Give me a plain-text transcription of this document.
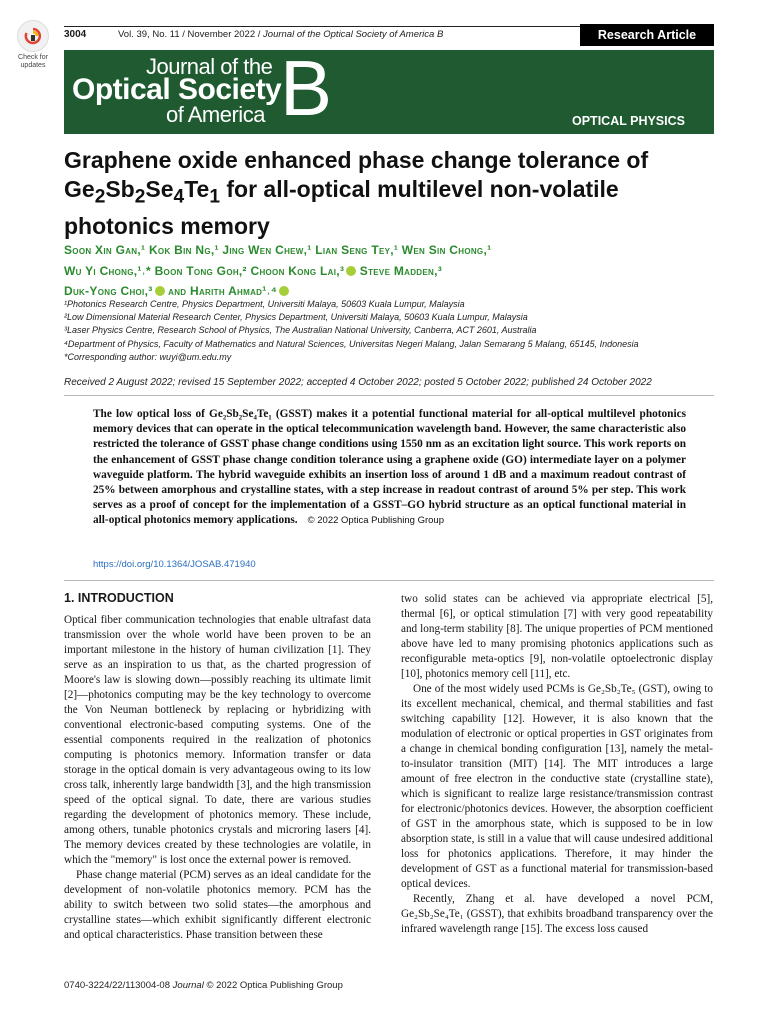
Check for updates
3004	Vol. 39, No. 11 / November 2022 / Journal of the Optical Society of America B	Research Article
Journal of the
Optical Society
of America B	OPTICAL PHYSICS
Graphene oxide enhanced phase change tolerance of $Ge_2Sb_2Se_4Te_1$ for all-optical multilevel non-volatile photonics memory
Soon Xin Gan,¹ Kok Bin Ng,¹ Jing Wen Chew,¹ Lian Seng Tey,¹ Wen Sin Chong,¹
Wu Yi Chong,¹˒* Boon Tong Goh,² Choon Kong Lai,³ Steve Madden,³
Duk-Yong Choi,³ and Harith Ahmad¹˒⁴
¹Photonics Research Centre, Physics Department, Universiti Malaya, 50603 Kuala Lumpur, Malaysia
²Low Dimensional Material Research Center, Physics Department, Universiti Malaya, 50603 Kuala Lumpur, Malaysia
³Laser Physics Centre, Research School of Physics, The Australian National University, Canberra, ACT 2601, Australia
⁴Department of Physics, Faculty of Mathematics and Natural Sciences, Universitas Negeri Malang, Jalan Semarang 5 Malang, 65145, Indonesia
*Corresponding author: wuyi@um.edu.my
Received 2 August 2022; revised 15 September 2022; accepted 4 October 2022; posted 5 October 2022; published 24 October 2022
The low optical loss of Ge₂Sb₂Se₄Te₁ (GSST) makes it a potential functional material for all-optical multilevel photonics memory devices that can operate in the optical telecommunication wavelength band. However, the same characteristic also restricted the tolerance of GSST phase change conditions using 1550 nm as an excitation light source. This work reports on the enhancement of GSST phase change condition tolerance using a graphene oxide (GO) intermediate layer on a polymer waveguide platform. The hybrid waveguide exhibits an insertion loss of around 1 dB and a maximum readout contrast of 25% between amorphous and crystalline states, with a step increase in readout contrast of around 5% per step. This work serves as a proof of concept for the implementation of a GSST–GO hybrid structure as an optical functional material in all-optical photonics memory applications. © 2022 Optica Publishing Group
https://doi.org/10.1364/JOSAB.471940
1. INTRODUCTION

Optical fiber communication technologies that enable ultrafast data transmission over the whole world have been proven to be an important milestone in the history of human civilization [1]. They serve as an inspiration to us that, as the charted progression of Moore's law is slowing down—possibly reaching its ultimate limit [2]—photonics computing may be the key technology to overcome the Von Neuman bottleneck by replacing or hybridizing with conventional electronic-based computing systems. One of the essential components required in the realization of photonics computing is photonics memory. Information transfer or data storage in the optical domain is very advantageous owing to its low cross talk, inherently large bandwidth [3], and the high transmission speed of the optical signal. To date, there are various studies regarding the development of photonics memory. These include, among others, tunable photonics crystals and microring lasers [4]. The memory devices created by these technologies are volatile, in which the "memory" is lost once the external power is removed.

Phase change material (PCM) serves as an ideal candidate for the development of non-volatile photonics memory. PCM has the ability to switch between two solid states—the amorphous and crystalline states—which exhibit significantly different electronic and optical characteristics. Phase transition between these

two solid states can be achieved via appropriate electrical [5], thermal [6], or optical stimulation [7] with very good repeatability and long-term stability [8]. The unique properties of PCM mentioned above have led to many promising photonics applications such as reconfigurable meta-optics [9], non-volatile optoelectronic display [10], photonics memory cell [11], etc.

One of the most widely used PCMs is Ge₂Sb₂Te₅ (GST), owing to its excellent mechanical, chemical, and thermal stabilities and fast switching capability [12]. However, it is also known that the modulation of electronic or optical properties in GST originates from a change in chemical bonding configuration [13], namely the metal-to-insulator transition (MIT) [14]. The MIT introduces a large amount of free electron in the conductive state (crystalline state), which is significant to realize large resistance/transmission contrast for electronic/photonics devices. However, the absorption coefficient of GST in the amorphous state, which is supposed to be in low absorption state, is still in a value that will cause undesired additional loss for photonics applications. Therefore, it may hinder the development of GST as a functional material for transmission-based optical devices.

Recently, Zhang et al. have developed a novel PCM, Ge₂Sb₂Se₄Te₁ (GSST), that exhibits broadband transparency over the infrared wavelength range [15]. The excess loss caused

0740-3224/22/113004-08 Journal © 2022 Optica Publishing Group
